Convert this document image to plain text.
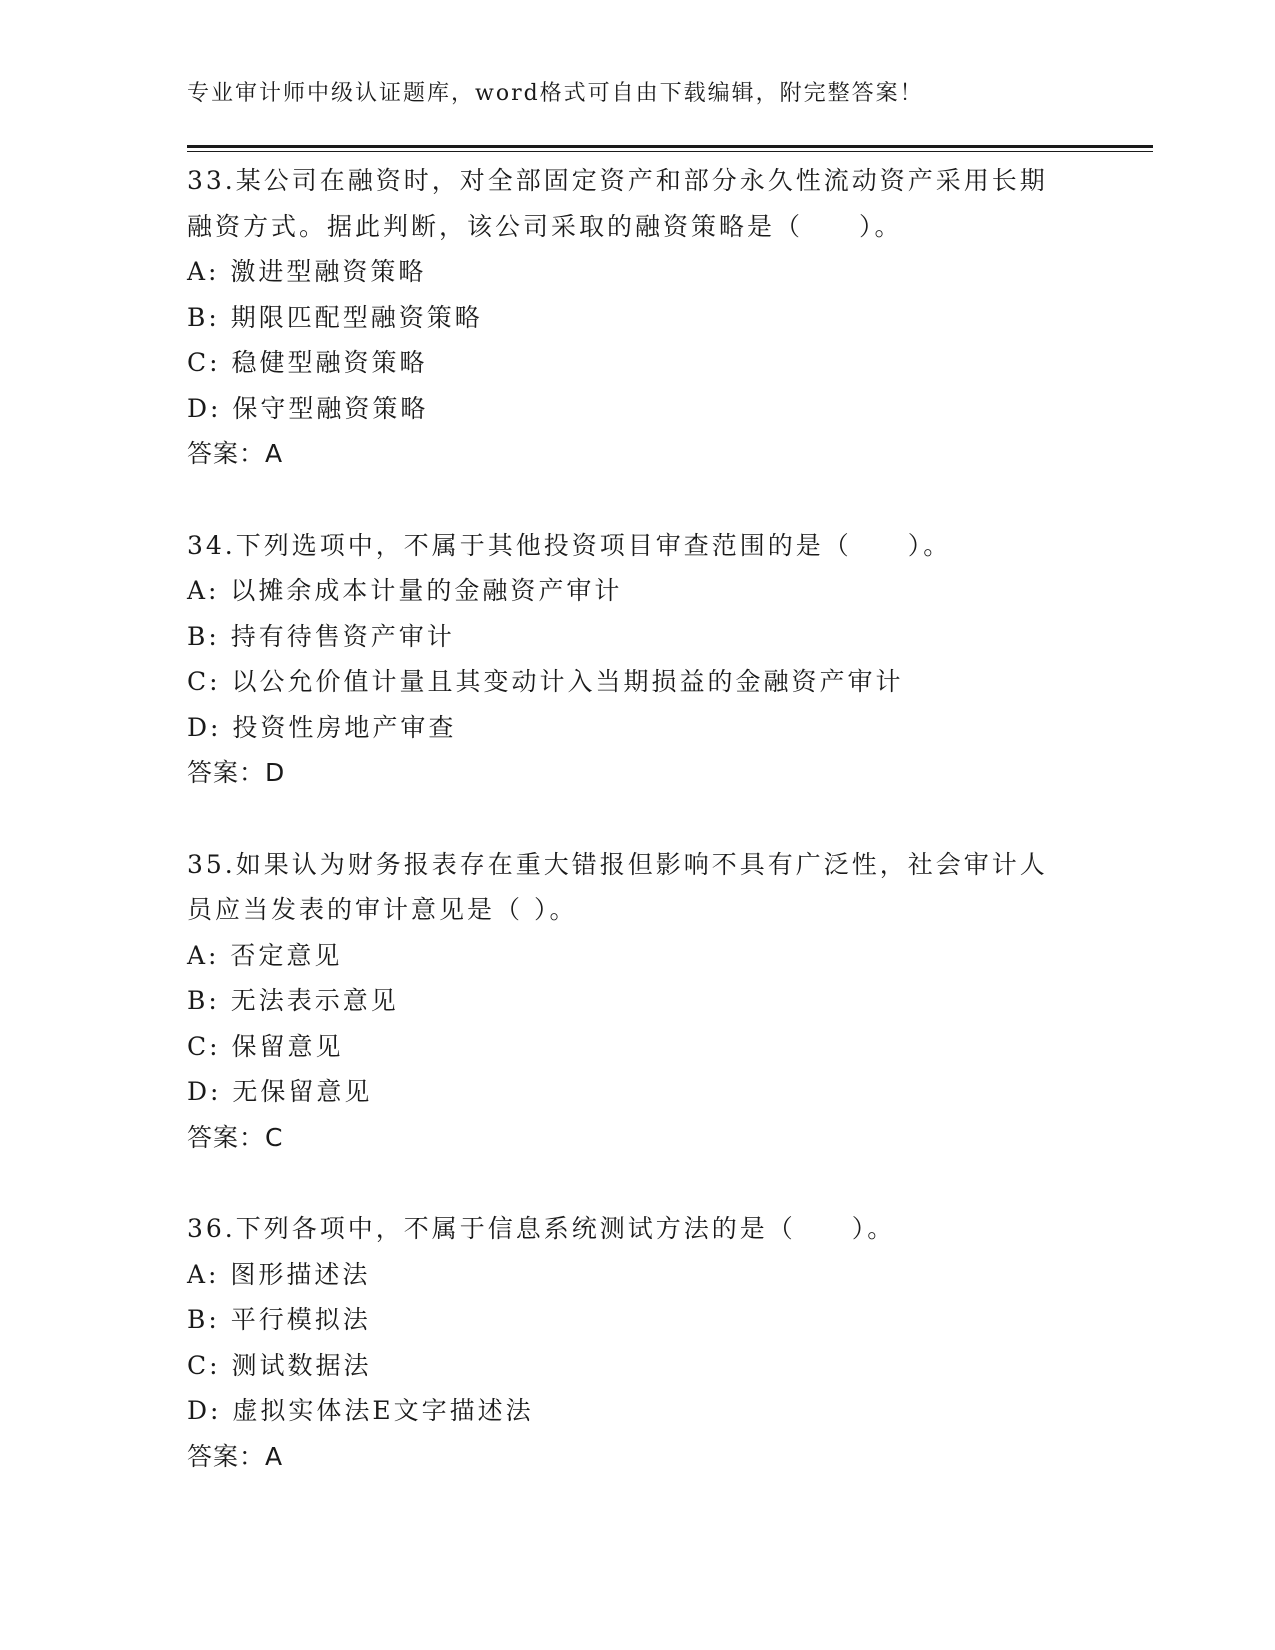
专业审计师中级认证题库，word格式可自由下载编辑，附完整答案！
33.某公司在融资时，对全部固定资产和部分永久性流动资产采用长期
融资方式。据此判断，该公司采取的融资策略是（　　）。
A: 激进型融资策略
B: 期限匹配型融资策略
C: 稳健型融资策略
D: 保守型融资策略
答案：A
34.下列选项中，不属于其他投资项目审查范围的是（　　）。
A: 以摊余成本计量的金融资产审计
B: 持有待售资产审计
C: 以公允价值计量且其变动计入当期损益的金融资产审计
D: 投资性房地产审查
答案：D
35.如果认为财务报表存在重大错报但影响不具有广泛性，社会审计人
员应当发表的审计意见是（ ）。
A: 否定意见
B: 无法表示意见
C: 保留意见
D: 无保留意见
答案：C
36.下列各项中，不属于信息系统测试方法的是（　　）。
A: 图形描述法
B: 平行模拟法
C: 测试数据法
D: 虚拟实体法E文字描述法
答案：A
